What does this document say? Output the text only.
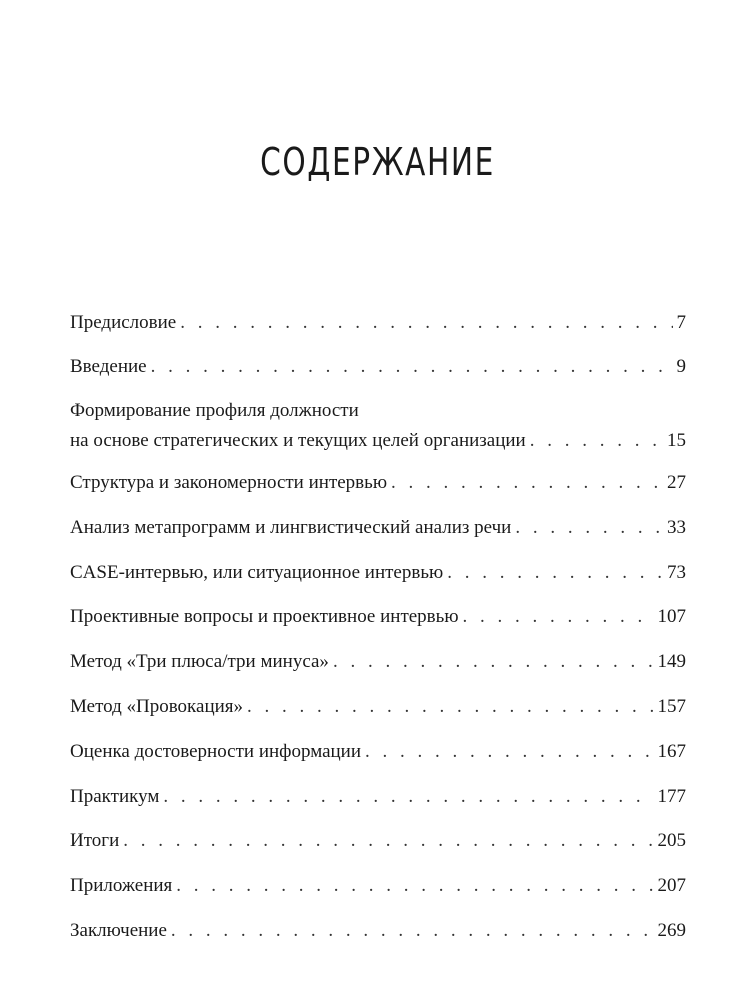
СОДЕРЖАНИЕ
Предисловие . . .	7
Введение . . .	9
Формирование профиля должности
на основе стратегических и текущих целей организации . . .	15
Структура и закономерности интервью . . .	27
Анализ метапрограмм и лингвистический анализ речи . . .	33
CASE-интервью, или ситуационное интервью . . .	73
Проективные вопросы и проективное интервью . . .	107
Метод «Три плюса/три минуса» . . .	149
Метод «Провокация» . . .	157
Оценка достоверности информации . . .	167
Практикум . . .	177
Итоги . . .	205
Приложения . . .	207
Заключение . . .	269
